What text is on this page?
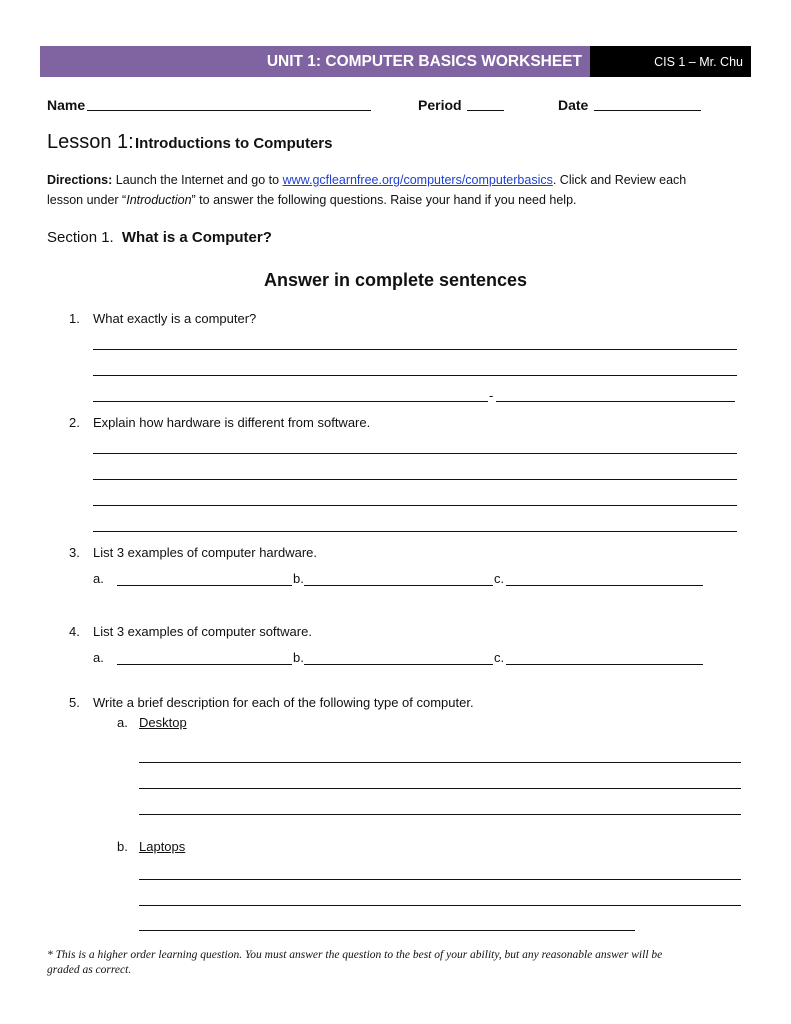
UNIT 1: COMPUTER BASICS WORKSHEET	CIS 1 – Mr. Chu
Name	Period	Date
Lesson 1: Introductions to Computers
Directions: Launch the Internet and go to www.gcflearnfree.org/computers/computerbasics. Click and Review each
lesson under “Introduction” to answer the following questions. Raise your hand if you need help.
Section 1. What is a Computer?
Answer in complete sentences
1. What exactly is a computer?
-
2. Explain how hardware is different from software.
3. List 3 examples of computer hardware.
a.	b.	c.
4. List 3 examples of computer software.
a.	b.	c.
5. Write a brief description for each of the following type of computer.
a. Desktop
b. Laptops
* This is a higher order learning question. You must answer the question to the best of your ability, but any reasonable answer will be
graded as correct.
